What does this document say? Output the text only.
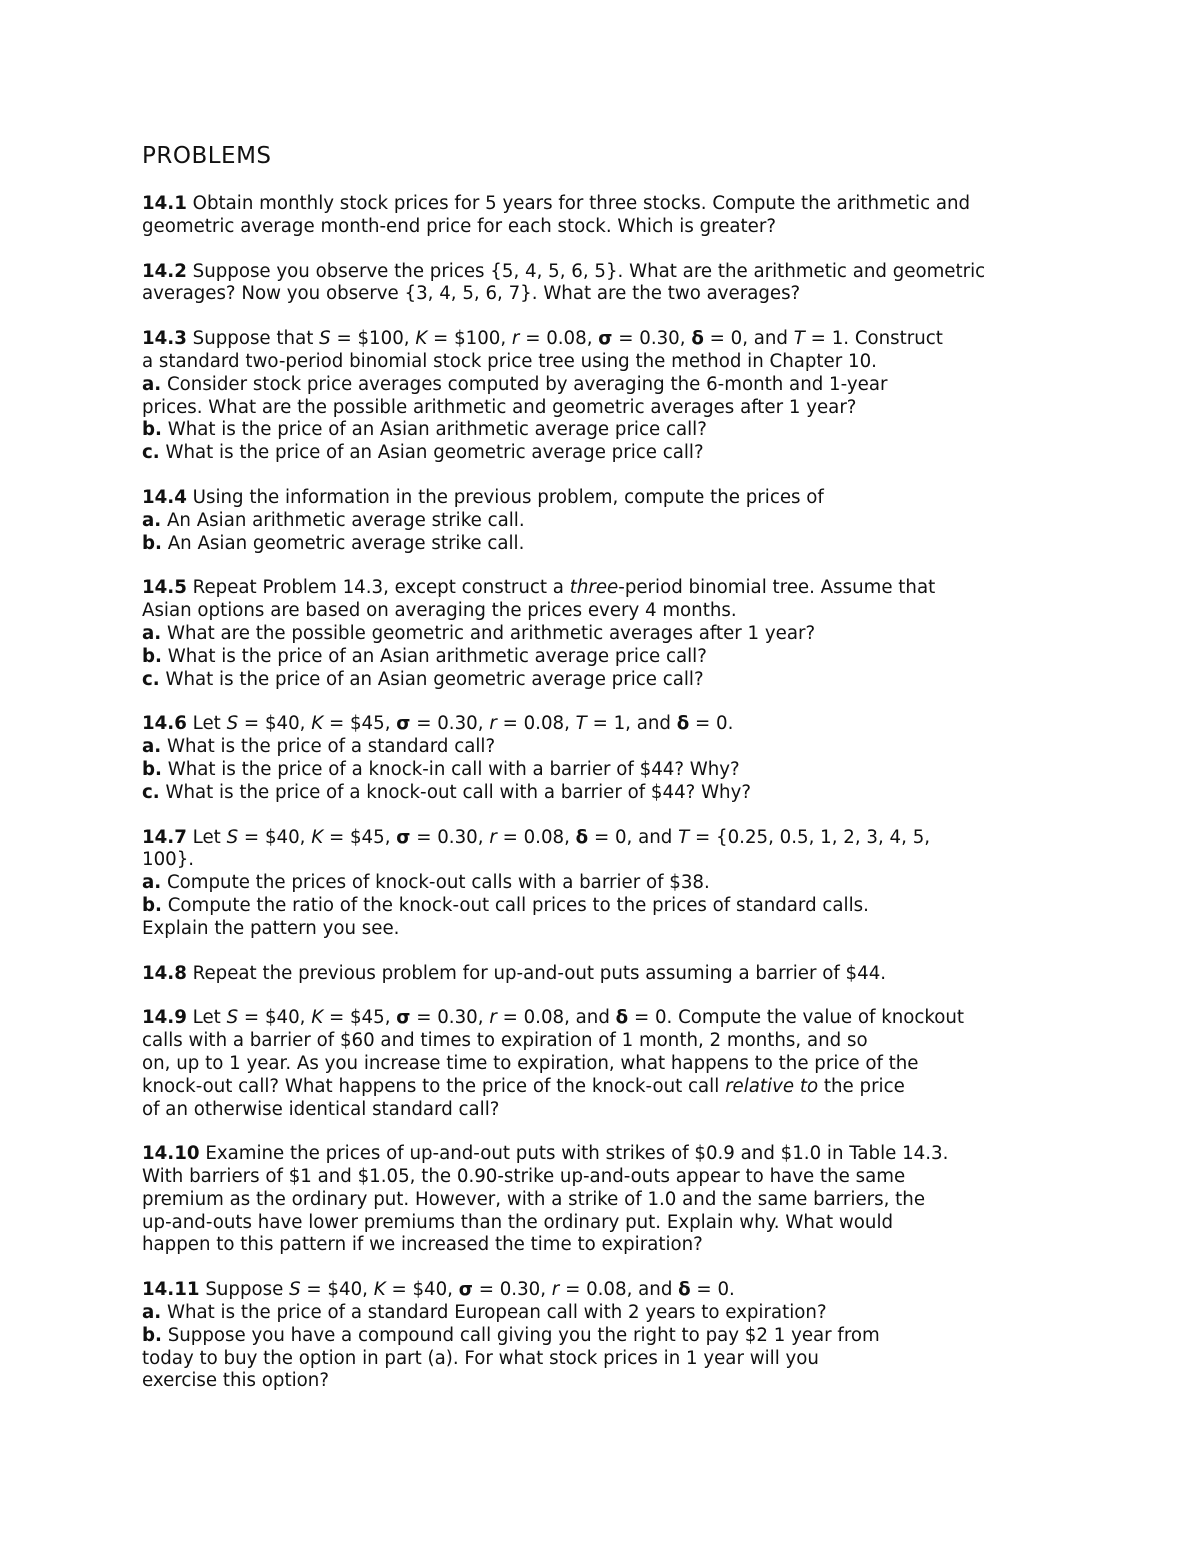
PROBLEMS
14.1 Obtain monthly stock prices for 5 years for three stocks. Compute the arithmetic and
geometric average month-end price for each stock. Which is greater?
14.2 Suppose you observe the prices {5, 4, 5, 6, 5}. What are the arithmetic and geometric
averages? Now you observe {3, 4, 5, 6, 7}. What are the two averages?
14.3 Suppose that S = $100, K = $100, r = 0.08, σ = 0.30, δ = 0, and T = 1. Construct
a standard two-period binomial stock price tree using the method in Chapter 10.
a. Consider stock price averages computed by averaging the 6-month and 1-year
prices. What are the possible arithmetic and geometric averages after 1 year?
b. What is the price of an Asian arithmetic average price call?
c. What is the price of an Asian geometric average price call?
14.4 Using the information in the previous problem, compute the prices of
a. An Asian arithmetic average strike call.
b. An Asian geometric average strike call.
14.5 Repeat Problem 14.3, except construct a three-period binomial tree. Assume that
Asian options are based on averaging the prices every 4 months.
a. What are the possible geometric and arithmetic averages after 1 year?
b. What is the price of an Asian arithmetic average price call?
c. What is the price of an Asian geometric average price call?
14.6 Let S = $40, K = $45, σ = 0.30, r = 0.08, T = 1, and δ = 0.
a. What is the price of a standard call?
b. What is the price of a knock-in call with a barrier of $44? Why?
c. What is the price of a knock-out call with a barrier of $44? Why?
14.7 Let S = $40, K = $45, σ = 0.30, r = 0.08, δ = 0, and T = {0.25, 0.5, 1, 2, 3, 4, 5,
100}.
a. Compute the prices of knock-out calls with a barrier of $38.
b. Compute the ratio of the knock-out call prices to the prices of standard calls.
Explain the pattern you see.
14.8 Repeat the previous problem for up-and-out puts assuming a barrier of $44.
14.9 Let S = $40, K = $45, σ = 0.30, r = 0.08, and δ = 0. Compute the value of knockout
calls with a barrier of $60 and times to expiration of 1 month, 2 months, and so
on, up to 1 year. As you increase time to expiration, what happens to the price of the
knock-out call? What happens to the price of the knock-out call relative to the price
of an otherwise identical standard call?
14.10 Examine the prices of up-and-out puts with strikes of $0.9 and $1.0 in Table 14.3.
With barriers of $1 and $1.05, the 0.90-strike up-and-outs appear to have the same
premium as the ordinary put. However, with a strike of 1.0 and the same barriers, the
up-and-outs have lower premiums than the ordinary put. Explain why. What would
happen to this pattern if we increased the time to expiration?
14.11 Suppose S = $40, K = $40, σ = 0.30, r = 0.08, and δ = 0.
a. What is the price of a standard European call with 2 years to expiration?
b. Suppose you have a compound call giving you the right to pay $2 1 year from
today to buy the option in part (a). For what stock prices in 1 year will you
exercise this option?
